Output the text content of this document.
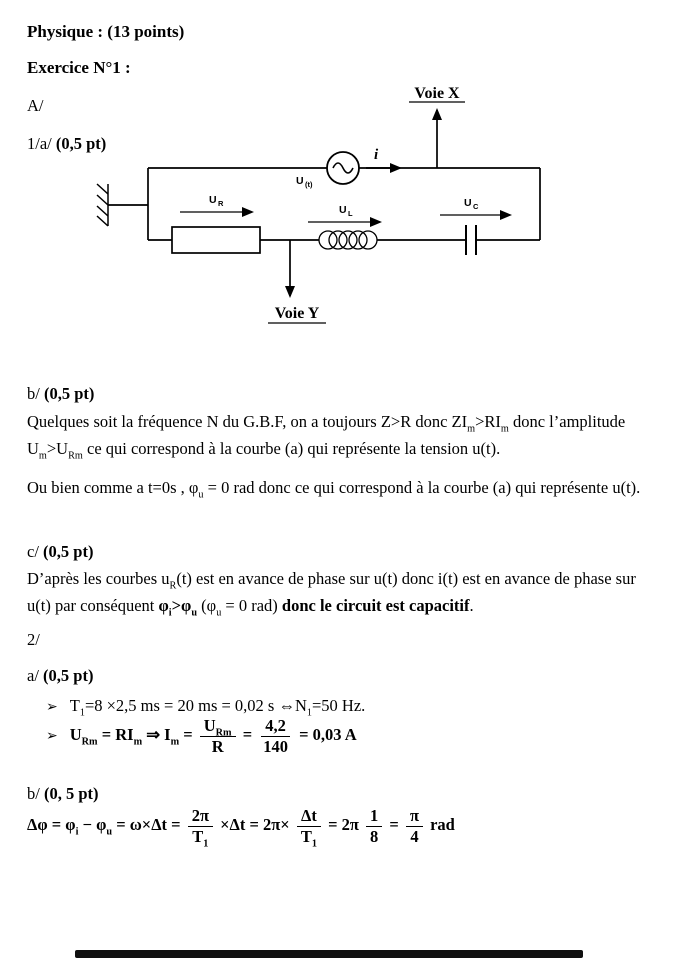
Physique : (13 points)
Exercice N°1 :
A/
1/a/ (0,5 pt)
Voie X
Voie Y
i
U (t)
U R
U L
U C
b/ (0,5 pt)
Quelques soit la fréquence N du G.B.F, on a toujours Z>R donc $ZI_m>RI_m$ donc l’amplitude $U_m>U_{Rm}$ ce qui correspond à la courbe (a) qui représente la tension u(t).
Ou bien comme a t=0s , $\varphi_u = 0$ rad donc ce qui correspond à la courbe (a) qui représente u(t).
c/ (0,5 pt)
D’après les courbes $u_R(t)$ est en avance de phase sur u(t) donc i(t) est en avance de phase sur u(t) par conséquent $\varphi_i>\varphi_u$ ($\varphi_u = 0$ rad) donc le circuit est capacitif.
2/
a/ (0,5 pt)
➢ $T_1=8 \times 2,5$ ms = 20 ms = 0,02 s $\Leftrightarrow N_1=50$ Hz.
➢ $U_{Rm} = RI_m$ ⇒ $I_m = \frac{U_{Rm}}{R} = \frac{4,2}{140} = 0,03$ A
b/ (0, 5 pt)
$\Delta\varphi = \varphi_i - \varphi_u = \omega\times\Delta t = \frac{2\pi}{T_1} \times\Delta t = 2\pi\times \frac{\Delta t}{T_1} = 2\pi \frac{1}{8} = \frac{\pi}{4}$ rad
